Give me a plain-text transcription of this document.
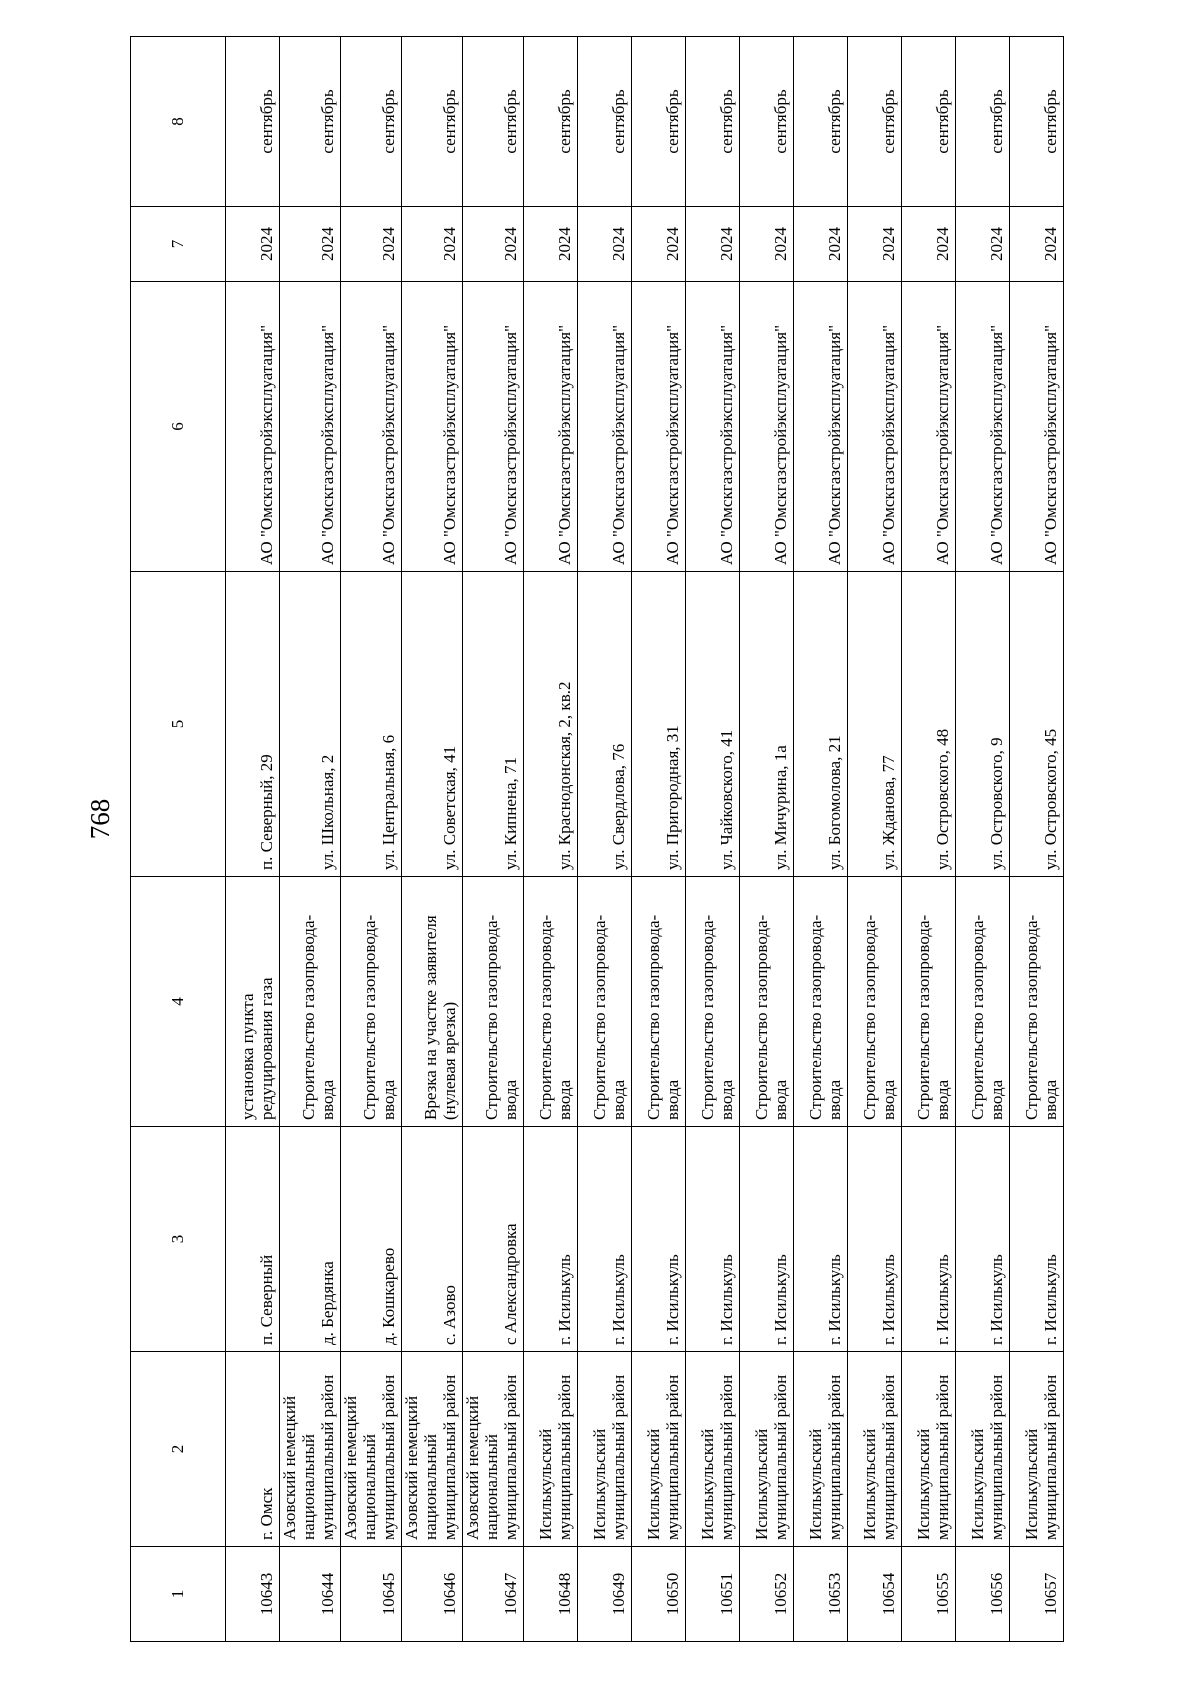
768
1	2	3	4	5	6	7	8
10643	г. Омск	п. Северный	установка пункта редуцирования газа	п. Северный, 29	АО "Омскгазстройэксплуатация"	2024	сентябрь
10644	Азовский немецкий национальный муниципальный район	д. Бердянка	Строительство газопровода-ввода	ул. Школьная, 2	АО "Омскгазстройэксплуатация"	2024	сентябрь
10645	Азовский немецкий национальный муниципальный район	д. Кошкарево	Строительство газопровода-ввода	ул. Центральная, 6	АО "Омскгазстройэксплуатация"	2024	сентябрь
10646	Азовский немецкий национальный муниципальный район	с. Азово	Врезка на участке заявителя (нулевая врезка)	ул. Советская, 41	АО "Омскгазстройэксплуатация"	2024	сентябрь
10647	Азовский немецкий национальный муниципальный район	с Александровка	Строительство газопровода-ввода	ул. Кипнена, 71	АО "Омскгазстройэксплуатация"	2024	сентябрь
10648	Исилькульский муниципальный район	г. Исилькуль	Строительство газопровода-ввода	ул. Краснодонская, 2, кв.2	АО "Омскгазстройэксплуатация"	2024	сентябрь
10649	Исилькульский муниципальный район	г. Исилькуль	Строительство газопровода-ввода	ул. Свердлова, 76	АО "Омскгазстройэксплуатация"	2024	сентябрь
10650	Исилькульский муниципальный район	г. Исилькуль	Строительство газопровода-ввода	ул. Пригородная, 31	АО "Омскгазстройэксплуатация"	2024	сентябрь
10651	Исилькульский муниципальный район	г. Исилькуль	Строительство газопровода-ввода	ул. Чайковского, 41	АО "Омскгазстройэксплуатация"	2024	сентябрь
10652	Исилькульский муниципальный район	г. Исилькуль	Строительство газопровода-ввода	ул. Мичурина, 1а	АО "Омскгазстройэксплуатация"	2024	сентябрь
10653	Исилькульский муниципальный район	г. Исилькуль	Строительство газопровода-ввода	ул. Богомолова, 21	АО "Омскгазстройэксплуатация"	2024	сентябрь
10654	Исилькульский муниципальный район	г. Исилькуль	Строительство газопровода-ввода	ул. Жданова, 77	АО "Омскгазстройэксплуатация"	2024	сентябрь
10655	Исилькульский муниципальный район	г. Исилькуль	Строительство газопровода-ввода	ул. Островского, 48	АО "Омскгазстройэксплуатация"	2024	сентябрь
10656	Исилькульский муниципальный район	г. Исилькуль	Строительство газопровода-ввода	ул. Островского, 9	АО "Омскгазстройэксплуатация"	2024	сентябрь
10657	Исилькульский муниципальный район	г. Исилькуль	Строительство газопровода-ввода	ул. Островского, 45	АО "Омскгазстройэксплуатация"	2024	сентябрь
